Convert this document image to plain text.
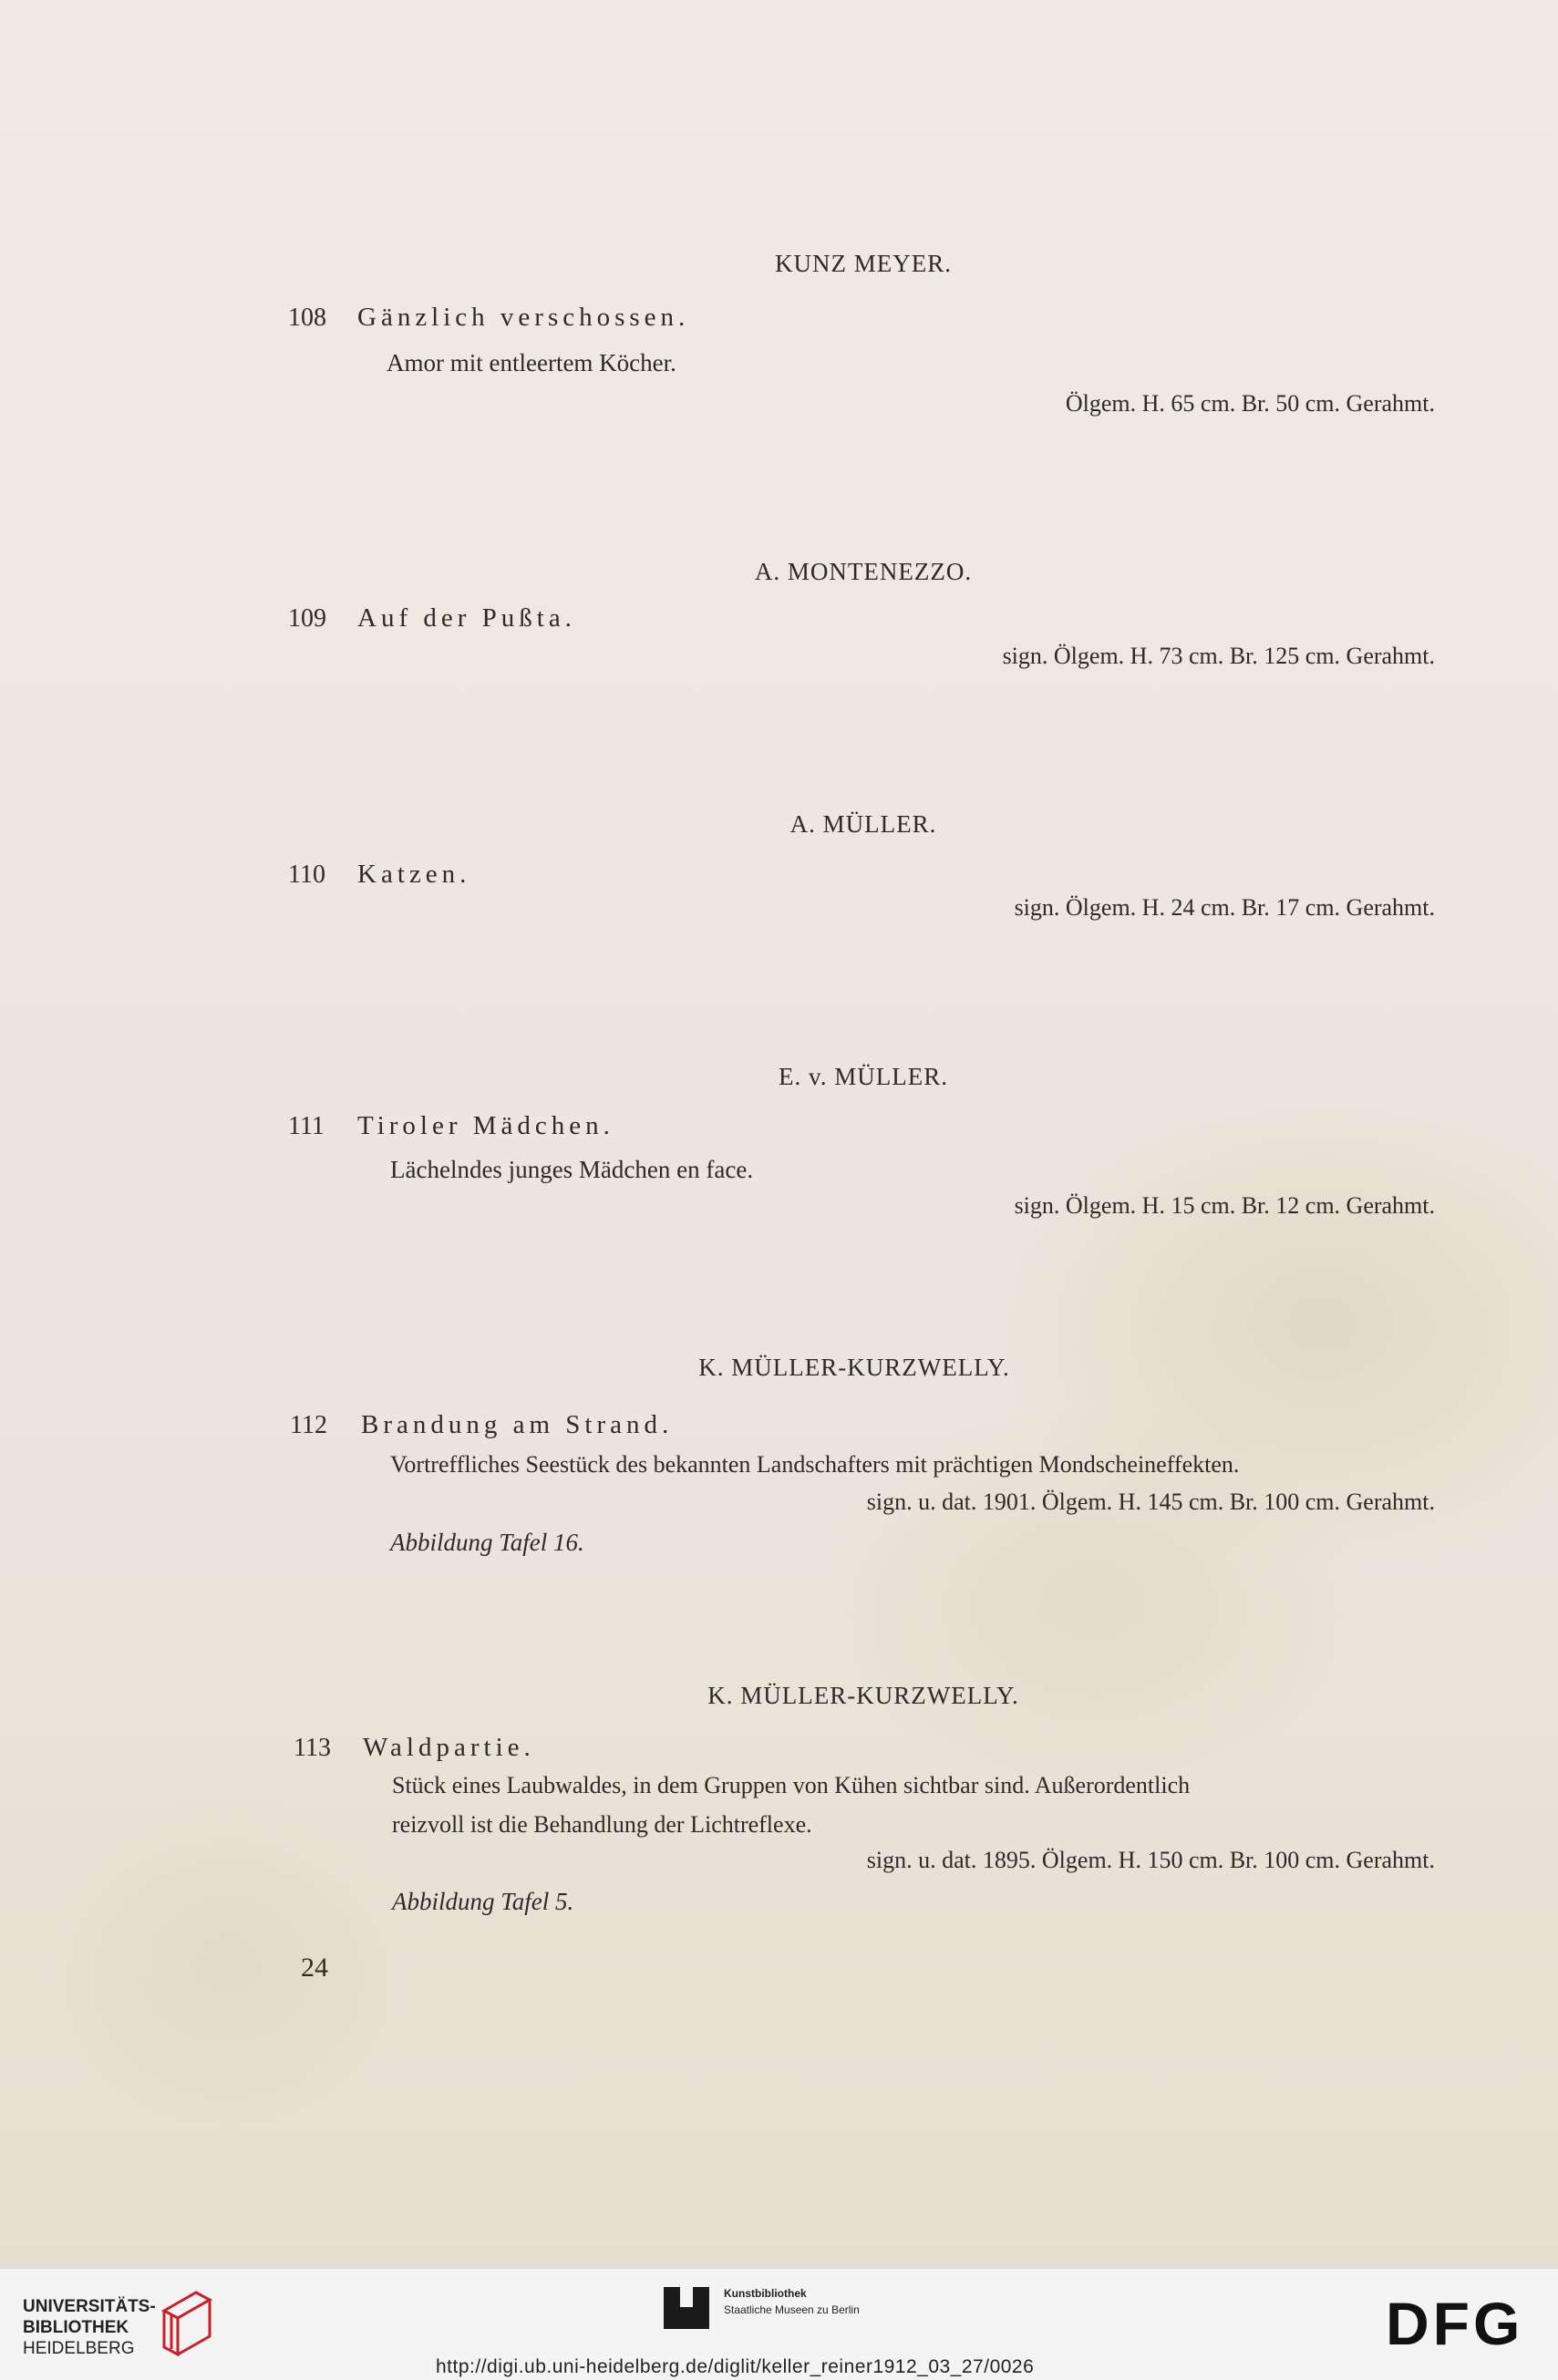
KUNZ MEYER.
108 Gänzlich verschossen.
Amor mit entleertem Köcher.
Ölgem. H. 65 cm. Br. 50 cm. Gerahmt.
A. MONTENEZZO.
109 Auf der Pußta.
sign. Ölgem. H. 73 cm. Br. 125 cm. Gerahmt.
A. MÜLLER.
110 Katzen.
sign. Ölgem. H. 24 cm. Br. 17 cm. Gerahmt.
E. v. MÜLLER.
111 Tiroler Mädchen.
Lächelndes junges Mädchen en face.
sign. Ölgem. H. 15 cm. Br. 12 cm. Gerahmt.
K. MÜLLER-KURZWELLY.
112 Brandung am Strand.
Vortreffliches Seestück des bekannten Landschafters mit prächtigen Mondscheineffekten.
sign. u. dat. 1901. Ölgem. H. 145 cm. Br. 100 cm. Gerahmt.
Abbildung Tafel 16.
K. MÜLLER-KURZWELLY.
113 Waldpartie.
Stück eines Laubwaldes, in dem Gruppen von Kühen sichtbar sind. Außerordentlich
reizvoll ist die Behandlung der Lichtreflexe.
sign. u. dat. 1895. Ölgem. H. 150 cm. Br. 100 cm. Gerahmt.
Abbildung Tafel 5.
24
UNIVERSITÄTS-
BIBLIOTHEK
HEIDELBERG
Kunstbibliothek
Staatliche Museen zu Berlin	DFG
http://digi.ub.uni-heidelberg.de/diglit/keller_reiner1912_03_27/0026
